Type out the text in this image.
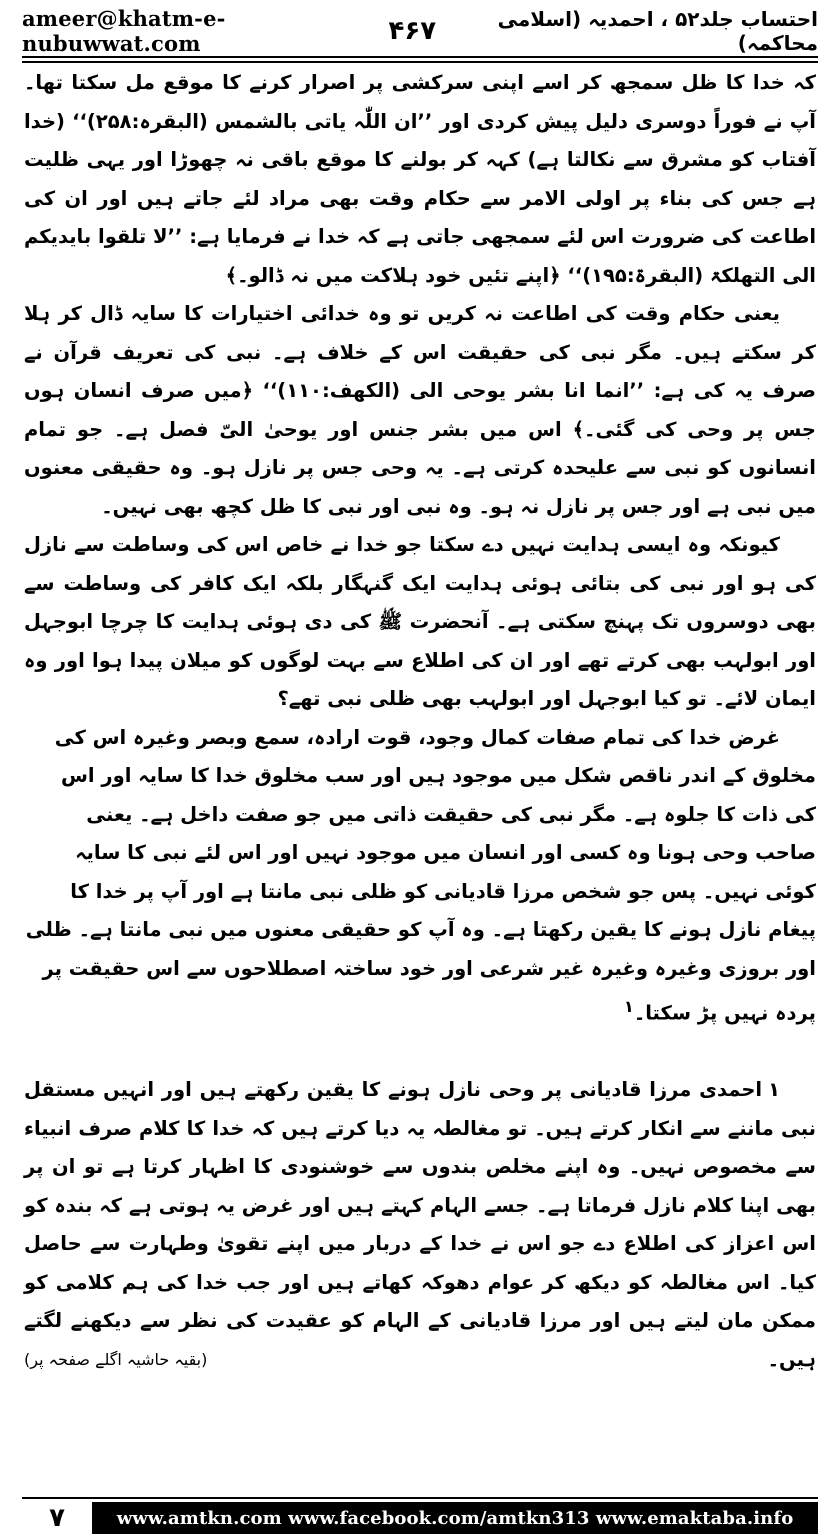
ameer@khatm-e-nubuwwat.com	۴۶۷	احتساب جلد۵۲ ، احمدیہ (اسلامی محاکمہ)

کہ خدا کا ظل سمجھ کر اسے اپنی سرکشی پر اصرار کرنے کا موقع مل سکتا تھا۔ آپ نے فوراً دوسری دلیل پیش کردی اور ’’ان اللّٰہ یاتی بالشمس (البقرہ:۲۵۸)‘‘ (خدا آفتاب کو مشرق سے نکالتا ہے) کہہ کر بولنے کا موقع باقی نہ چھوڑا اور یہی ظلیت ہے جس کی بناء پر اولی الامر سے حکام وقت بھی مراد لئے جاتے ہیں اور ان کی اطاعت کی ضرورت اس لئے سمجھی جاتی ہے کہ خدا نے فرمایا ہے: ’’لا تلقوا بایدیکم الی التھلکۃ (البقرۃ:۱۹۵)‘‘ ﴿اپنے تئیں خود ہلاکت میں نہ ڈالو۔﴾

یعنی حکام وقت کی اطاعت نہ کریں تو وہ خدائی اختیارات کا سایہ ڈال کر ہلا کر سکتے ہیں۔ مگر نبی کی حقیقت اس کے خلاف ہے۔ نبی کی تعریف قرآن نے صرف یہ کی ہے: ’’انما انا بشر یوحی الی (الکھف:۱۱۰)‘‘ ﴿میں صرف انسان ہوں جس پر وحی کی گئی۔﴾ اس میں بشر جنس اور یوحیٰ الیّ فصل ہے۔ جو تمام انسانوں کو نبی سے علیحدہ کرتی ہے۔ یہ وحی جس پر نازل ہو۔ وہ حقیقی معنوں میں نبی ہے اور جس پر نازل نہ ہو۔ وہ نبی اور نبی کا ظل کچھ بھی نہیں۔

کیونکہ وہ ایسی ہدایت نہیں دے سکتا جو خدا نے خاص اس کی وساطت سے نازل کی ہو اور نبی کی بتائی ہوئی ہدایت ایک گنہگار بلکہ ایک کافر کی وساطت سے بھی دوسروں تک پہنچ سکتی ہے۔ آنحضرت ﷺ کی دی ہوئی ہدایت کا چرچا ابوجہل اور ابولہب بھی کرتے تھے اور ان کی اطلاع سے بہت لوگوں کو میلان پیدا ہوا اور وہ ایمان لائے۔ تو کیا ابوجہل اور ابولہب بھی ظلی نبی تھے؟

غرض خدا کی تمام صفات کمال وجود، قوت ارادہ، سمع وبصر وغیرہ اس کی مخلوق کے اندر ناقص شکل میں موجود ہیں اور سب مخلوق خدا کا سایہ اور اس کی ذات کا جلوہ ہے۔ مگر نبی کی حقیقت ذاتی میں جو صفت داخل ہے۔ یعنی صاحب وحی ہونا وہ کسی اور انسان میں موجود نہیں اور اس لئے نبی کا سایہ کوئی نہیں۔ پس جو شخص مرزا قادیانی کو ظلی نبی مانتا ہے اور آپ پر خدا کا پیغام نازل ہونے کا یقین رکھتا ہے۔ وہ آپ کو حقیقی معنوں میں نبی مانتا ہے۔ ظلی اور بروزی وغیرہ وغیرہ غیر شرعی اور خود ساختہ اصطلاحوں سے اس حقیقت پر پردہ نہیں پڑ سکتا۔$^۱$

۱احمدی مرزا قادیانی پر وحی نازل ہونے کا یقین رکھتے ہیں اور انہیں مستقل نبی ماننے سے انکار کرتے ہیں۔ تو مغالطہ یہ دیا کرتے ہیں کہ خدا کا کلام صرف انبیاء سے مخصوص نہیں۔ وہ اپنے مخلص بندوں سے خوشنودی کا اظہار کرتا ہے تو ان پر بھی اپنا کلام نازل فرماتا ہے۔ جسے الہام کہتے ہیں اور غرض یہ ہوتی ہے کہ بندہ کو اس اعزاز کی اطلاع دے جو اس نے خدا کے دربار میں اپنے تقویٰ وطہارت سے حاصل کیا۔ اس مغالطہ کو دیکھ کر عوام دھوکہ کھاتے ہیں اور جب خدا کی ہم کلامی کو ممکن مان لیتے ہیں اور مرزا قادیانی کے الہام کو عقیدت کی نظر سے دیکھنے لگتے ہیں۔
(بقیہ حاشیہ اگلے صفحہ پر)

۷	www.amtkn.com www.facebook.com/amtkn313 www.emaktaba.info
